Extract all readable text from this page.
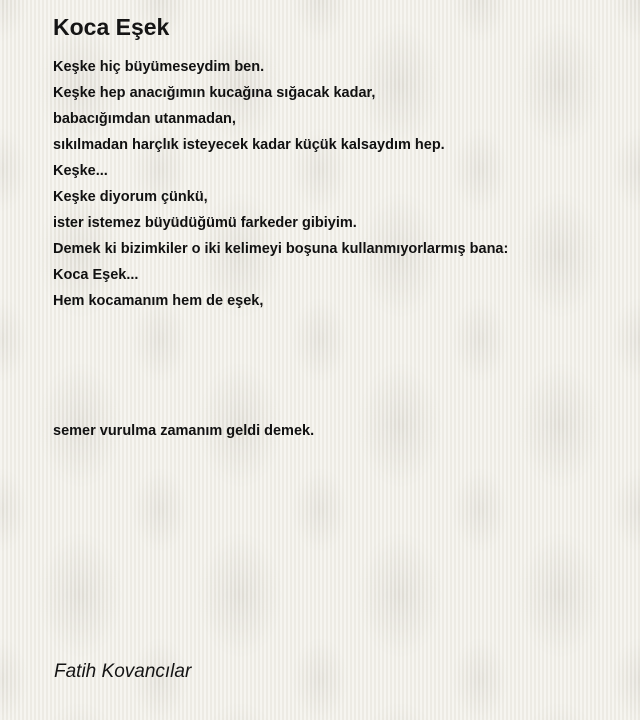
Koca Eşek
Keşke hiç büyümeseydim ben.
Keşke hep anacığımın kucağına sığacak kadar,
babacığımdan utanmadan,
sıkılmadan harçlık isteyecek kadar küçük kalsaydım hep.
Keşke...
Keşke diyorum çünkü,
ister istemez büyüdüğümü farkeder gibiyim.
Demek ki bizimkiler o iki kelimeyi boşuna kullanmıyorlarmış bana:
Koca Eşek...
Hem kocamanım hem de eşek,
semer vurulma zamanım geldi demek.

Fatih Kovancılar
